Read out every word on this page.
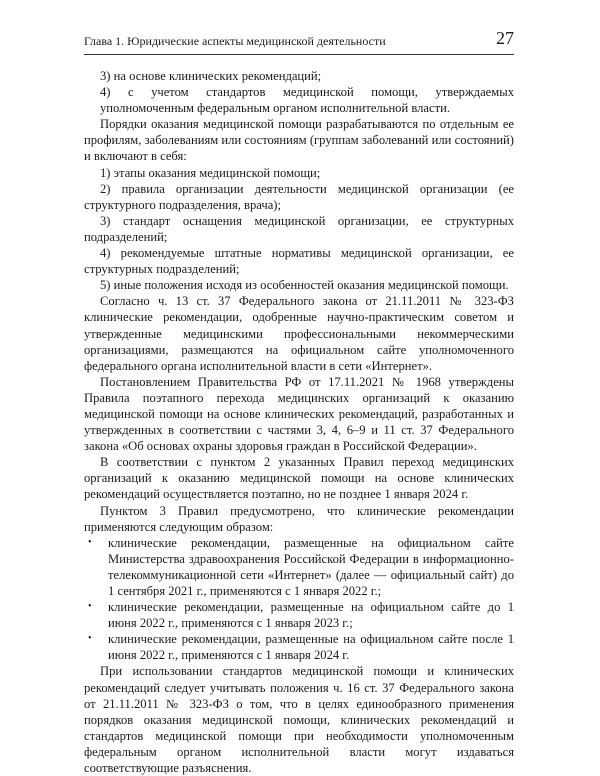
Глава 1. Юридические аспекты медицинской деятельности	27

3) на основе клинических рекомендаций;

4) с учетом стандартов медицинской помощи, утверждаемых уполномоченным федеральным органом исполнительной власти.

Порядки оказания медицинской помощи разрабатываются по отдельным ее профилям, заболеваниям или состояниям (группам заболеваний или состояний) и включают в себя:

1) этапы оказания медицинской помощи;

2) правила организации деятельности медицинской организации (ее структурного подразделения, врача);

3) стандарт оснащения медицинской организации, ее структурных подразделений;

4) рекомендуемые штатные нормативы медицинской организации, ее структурных подразделений;

5) иные положения исходя из особенностей оказания медицинской помощи.

Согласно ч. 13 ст. 37 Федерального закона от 21.11.2011 № 323-ФЗ клинические рекомендации, одобренные научно-практическим советом и утвержденные медицинскими профессиональными некоммерческими организациями, размещаются на официальном сайте уполномоченного федерального органа исполнительной власти в сети «Интернет».

Постановлением Правительства РФ от 17.11.2021 № 1968 утверждены Правила поэтапного перехода медицинских организаций к оказанию медицинской помощи на основе клинических рекомендаций, разработанных и утвержденных в соответствии с частями 3, 4, 6–9 и 11 ст. 37 Федерального закона «Об основах охраны здоровья граждан в Российской Федерации».

В соответствии с пунктом 2 указанных Правил переход медицинских организаций к оказанию медицинской помощи на основе клинических рекомендаций осуществляется поэтапно, но не позднее 1 января 2024 г.

Пунктом 3 Правил предусмотрено, что клинические рекомендации применяются следующим образом:

•	клинические рекомендации, размещенные на официальном сайте Министерства здравоохранения Российской Федерации в информационно-телекоммуникационной сети «Интернет» (далее — официальный сайт) до 1 сентября 2021 г., применяются с 1 января 2022 г.;
•	клинические рекомендации, размещенные на официальном сайте до 1 июня 2022 г., применяются с 1 января 2023 г.;
•	клинические рекомендации, размещенные на официальном сайте после 1 июня 2022 г., применяются с 1 января 2024 г.

При использовании стандартов медицинской помощи и клинических рекомендаций следует учитывать положения ч. 16 ст. 37 Федерального закона от 21.11.2011 № 323-ФЗ о том, что в целях единообразного применения порядков оказания медицинской помощи, клинических рекомендаций и стандартов медицинской помощи при необходимости уполномоченным федеральным органом исполнительной власти могут издаваться соответствующие разъяснения.
